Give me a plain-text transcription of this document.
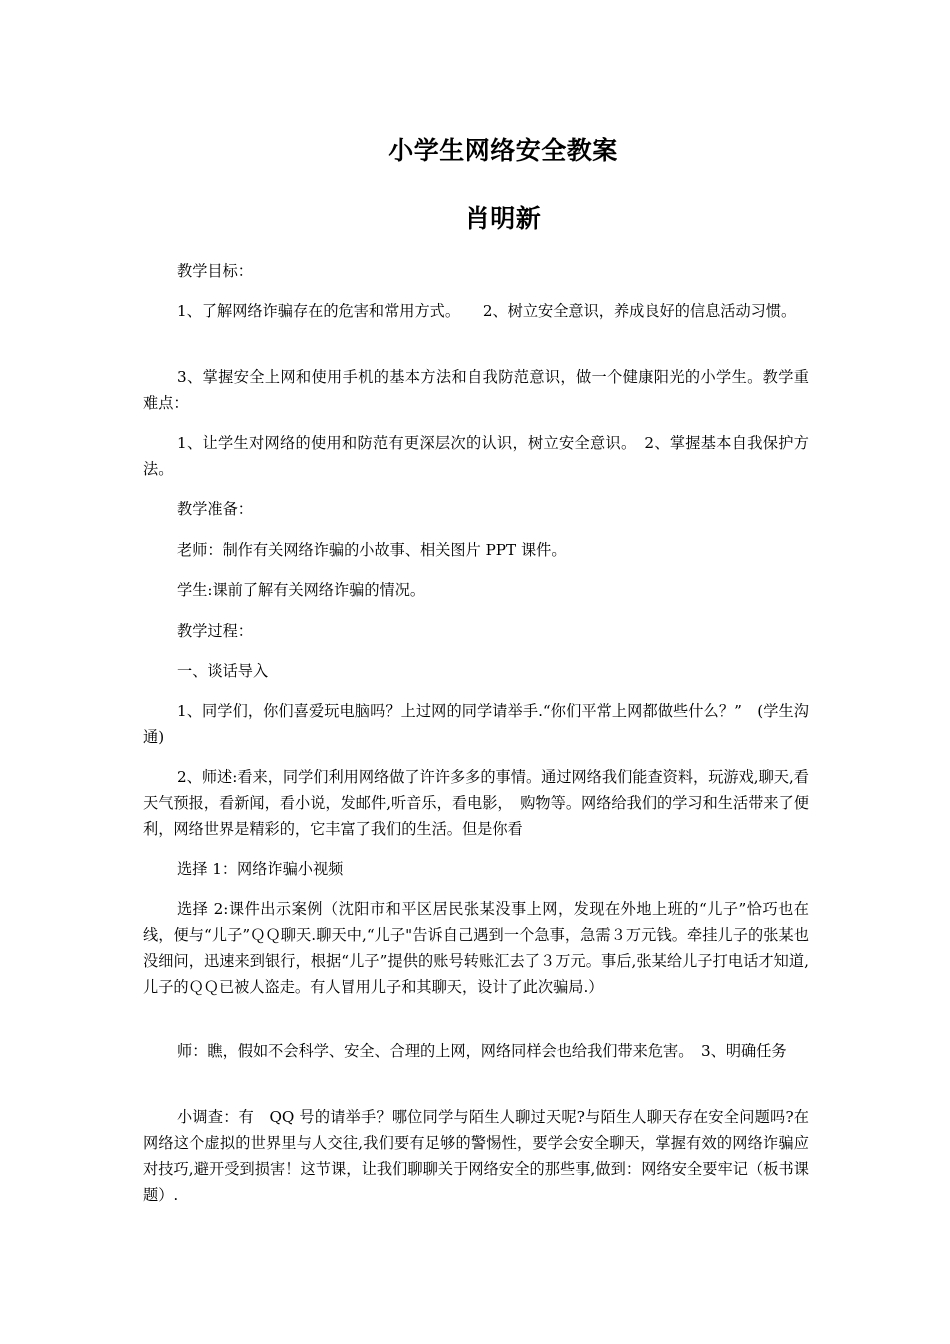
小学生网络安全教案
肖明新

教学目标：

1、了解网络诈骗存在的危害和常用方式。　　2、树立安全意识，养成良好的信息活动习惯。

3、掌握安全上网和使用手机的基本方法和自我防范意识，做一个健康阳光的小学生。教学重难点：

1、让学生对网络的使用和防范有更深层次的认识，树立安全意识。　2、掌握基本自我保护方法。

教学准备：

老师：制作有关网络诈骗的小故事、相关图片 PPT 课件。

学生:课前了解有关网络诈骗的情况。

教学过程：

一、谈话导入

1、同学们，你们喜爱玩电脑吗？上过网的同学请举手.“你们平常上网都做些什么？”　(学生沟通)

2、师述:看来，同学们利用网络做了许许多多的事情。通过网络我们能查资料，玩游戏,聊天,看天气预报，看新闻，看小说，发邮件,听音乐，看电影，　购物等。网络给我们的学习和生活带来了便利，网络世界是精彩的，它丰富了我们的生活。但是你看

选择 1：网络诈骗小视频

选择 2:课件出示案例（沈阳市和平区居民张某没事上网，发现在外地上班的“儿子”恰巧也在线，便与“儿子”ＱＱ聊天.聊天中,“儿子"告诉自己遇到一个急事，急需３万元钱。牵挂儿子的张某也没细问，迅速来到银行，根据“儿子”提供的账号转账汇去了３万元。事后,张某给儿子打电话才知道,儿子的ＱＱ已被人盗走。有人冒用儿子和其聊天，设计了此次骗局.）

师：瞧，假如不会科学、安全、合理的上网，网络同样会也给我们带来危害。　3、明确任务

小调查：有　QQ 号的请举手？哪位同学与陌生人聊过天呢?与陌生人聊天存在安全问题吗?在网络这个虚拟的世界里与人交往,我们要有足够的警惕性，要学会安全聊天，掌握有效的网络诈骗应对技巧,避开受到损害！这节课，让我们聊聊关于网络安全的那些事,做到：网络安全要牢记（板书课题）.
